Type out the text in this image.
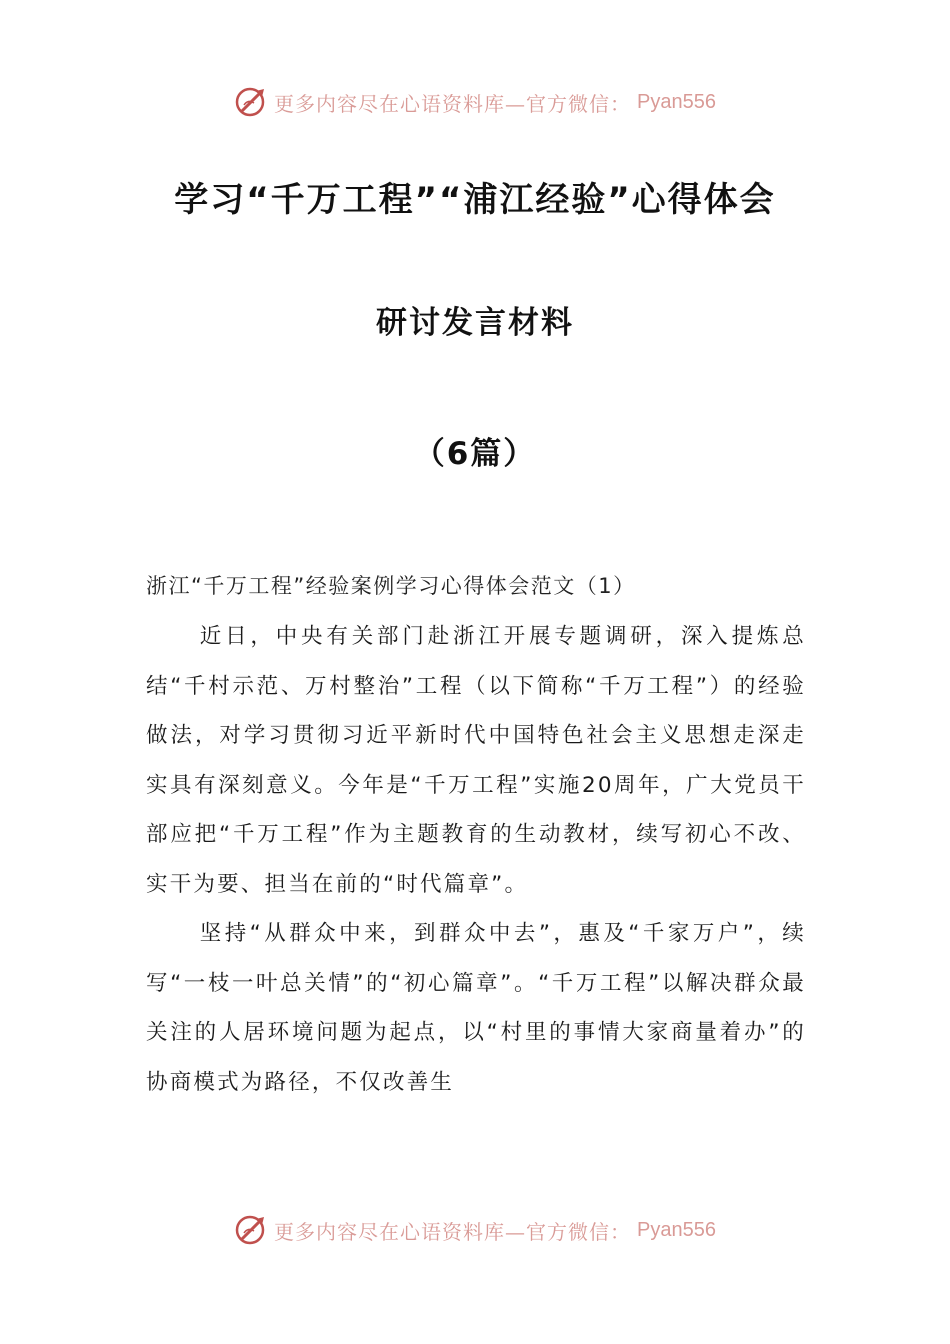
更多内容尽在心语资料库—官方微信： Pyan556
学习“千万工程”“浦江经验”心得体会
研讨发言材料
（6篇）

浙江“千万工程”经验案例学习心得体会范文（1）

近日，中央有关部门赴浙江开展专题调研，深入提炼总结“千村示范、万村整治”工程（以下简称“千万工程”）的经验做法，对学习贯彻习近平新时代中国特色社会主义思想走深走实具有深刻意义。今年是“千万工程”实施20周年，广大党员干部应把“千万工程”作为主题教育的生动教材，续写初心不改、实干为要、担当在前的“时代篇章”。

坚持“从群众中来，到群众中去”，惠及“千家万户”，续写“一枝一叶总关情”的“初心篇章”。“千万工程”以解决群众最关注的人居环境问题为起点，以“村里的事情大家商量着办”的协商模式为路径，不仅改善生

更多内容尽在心语资料库—官方微信： Pyan556
